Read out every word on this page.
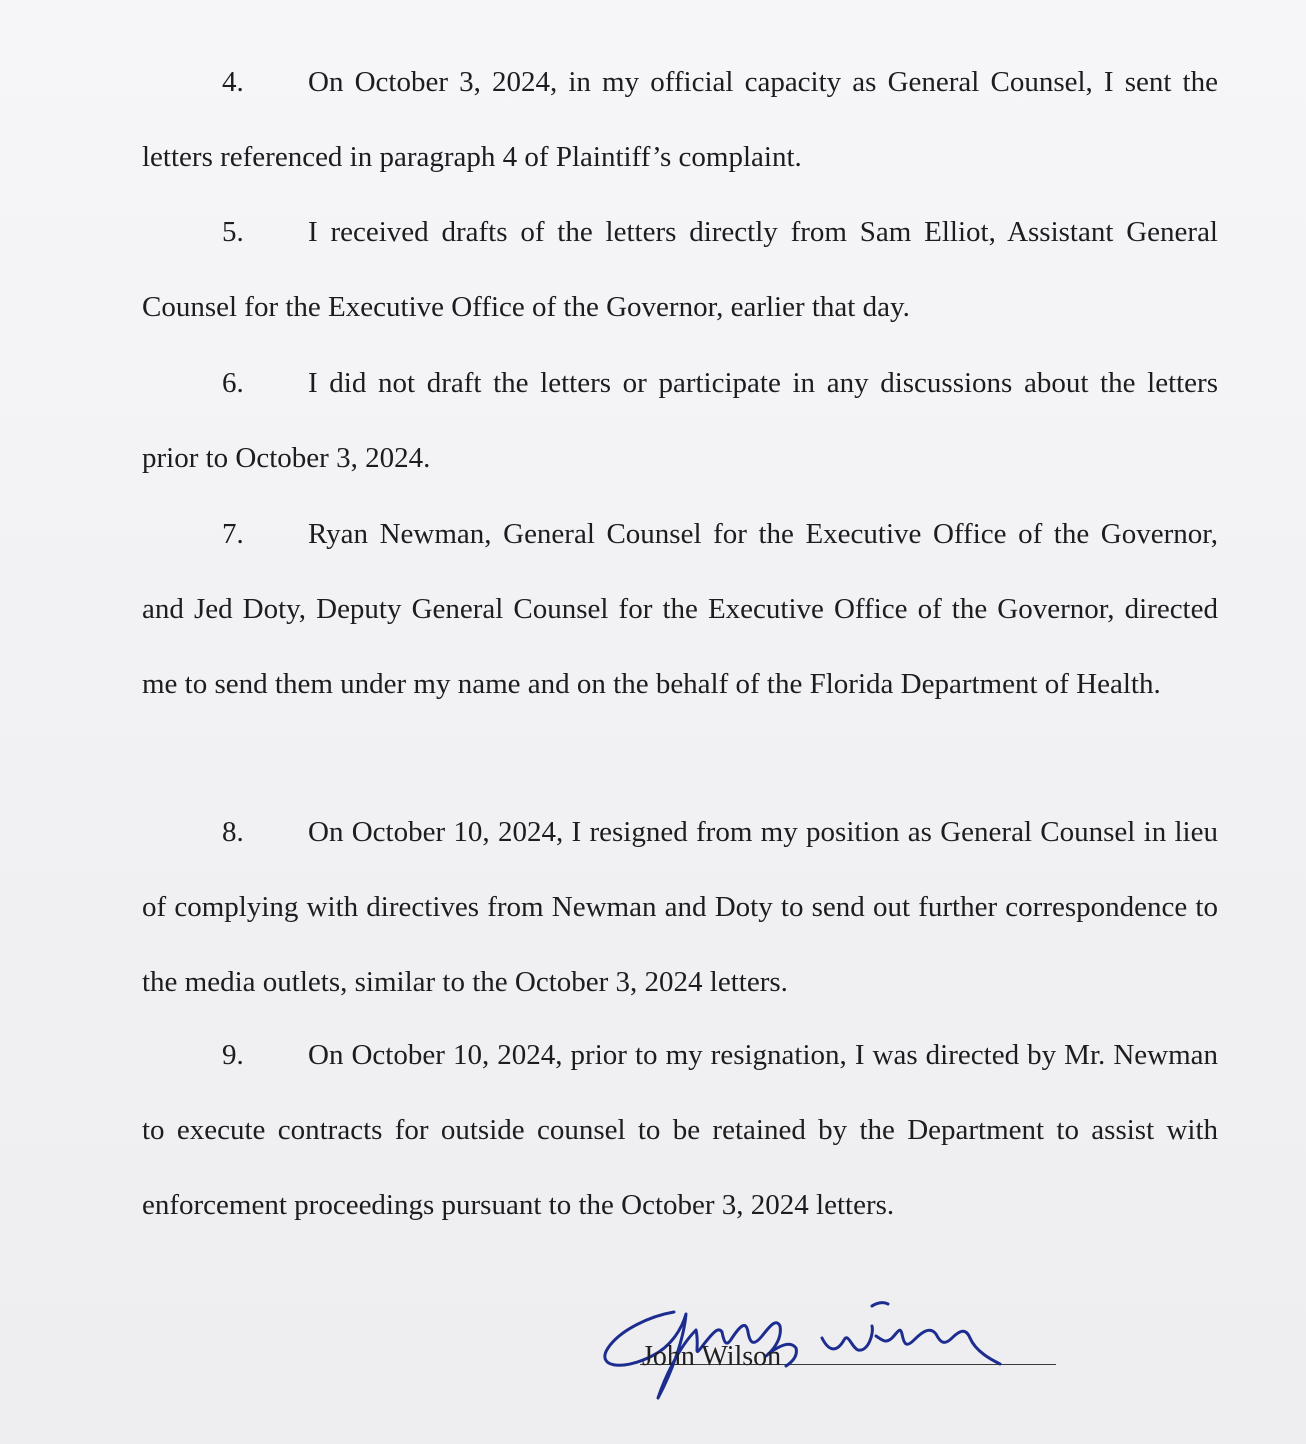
4. On October 3, 2024, in my official capacity as General Counsel, I sent the letters referenced in paragraph 4 of Plaintiff’s complaint.

5. I received drafts of the letters directly from Sam Elliot, Assistant General Counsel for the Executive Office of the Governor, earlier that day.

6. I did not draft the letters or participate in any discussions about the letters prior to October 3, 2024.

7. Ryan Newman, General Counsel for the Executive Office of the Governor, and Jed Doty, Deputy General Counsel for the Executive Office of the Governor, directed me to send them under my name and on the behalf of the Florida Department of Health.

8. On October 10, 2024, I resigned from my position as General Counsel in lieu of complying with directives from Newman and Doty to send out further correspondence to the media outlets, similar to the October 3, 2024 letters.

9. On October 10, 2024, prior to my resignation, I was directed by Mr. Newman to execute contracts for outside counsel to be retained by the Department to assist with enforcement proceedings pursuant to the October 3, 2024 letters.

John Wilson
